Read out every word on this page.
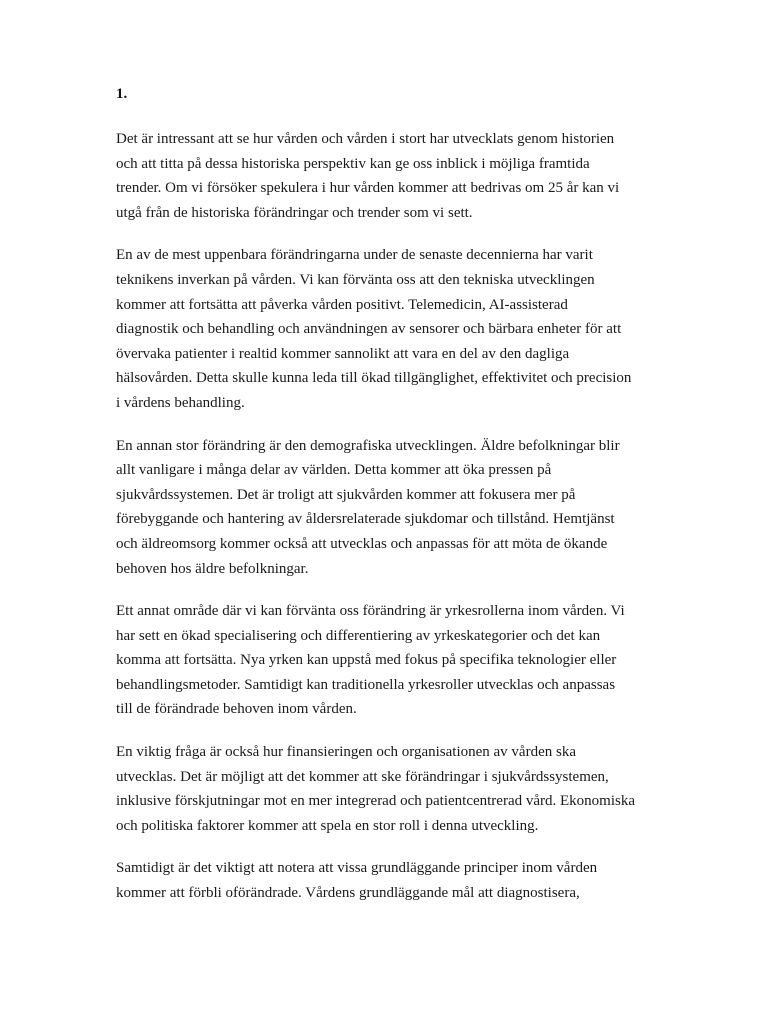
1.

Det är intressant att se hur vården och vården i stort har utvecklats genom historien
och att titta på dessa historiska perspektiv kan ge oss inblick i möjliga framtida
trender. Om vi försöker spekulera i hur vården kommer att bedrivas om 25 år kan vi
utgå från de historiska förändringar och trender som vi sett.

En av de mest uppenbara förändringarna under de senaste decennierna har varit
teknikens inverkan på vården. Vi kan förvänta oss att den tekniska utvecklingen
kommer att fortsätta att påverka vården positivt. Telemedicin, AI-assisterad
diagnostik och behandling och användningen av sensorer och bärbara enheter för att
övervaka patienter i realtid kommer sannolikt att vara en del av den dagliga
hälsovården. Detta skulle kunna leda till ökad tillgänglighet, effektivitet och precision
i vårdens behandling.

En annan stor förändring är den demografiska utvecklingen. Äldre befolkningar blir
allt vanligare i många delar av världen. Detta kommer att öka pressen på
sjukvårdssystemen. Det är troligt att sjukvården kommer att fokusera mer på
förebyggande och hantering av åldersrelaterade sjukdomar och tillstånd. Hemtjänst
och äldreomsorg kommer också att utvecklas och anpassas för att möta de ökande
behoven hos äldre befolkningar.

Ett annat område där vi kan förvänta oss förändring är yrkesrollerna inom vården. Vi
har sett en ökad specialisering och differentiering av yrkeskategorier och det kan
komma att fortsätta. Nya yrken kan uppstå med fokus på specifika teknologier eller
behandlingsmetoder. Samtidigt kan traditionella yrkesroller utvecklas och anpassas
till de förändrade behoven inom vården.

En viktig fråga är också hur finansieringen och organisationen av vården ska
utvecklas. Det är möjligt att det kommer att ske förändringar i sjukvårdssystemen,
inklusive förskjutningar mot en mer integrerad och patientcentrerad vård. Ekonomiska
och politiska faktorer kommer att spela en stor roll i denna utveckling.

Samtidigt är det viktigt att notera att vissa grundläggande principer inom vården
kommer att förbli oförändrade. Vårdens grundläggande mål att diagnostisera,
